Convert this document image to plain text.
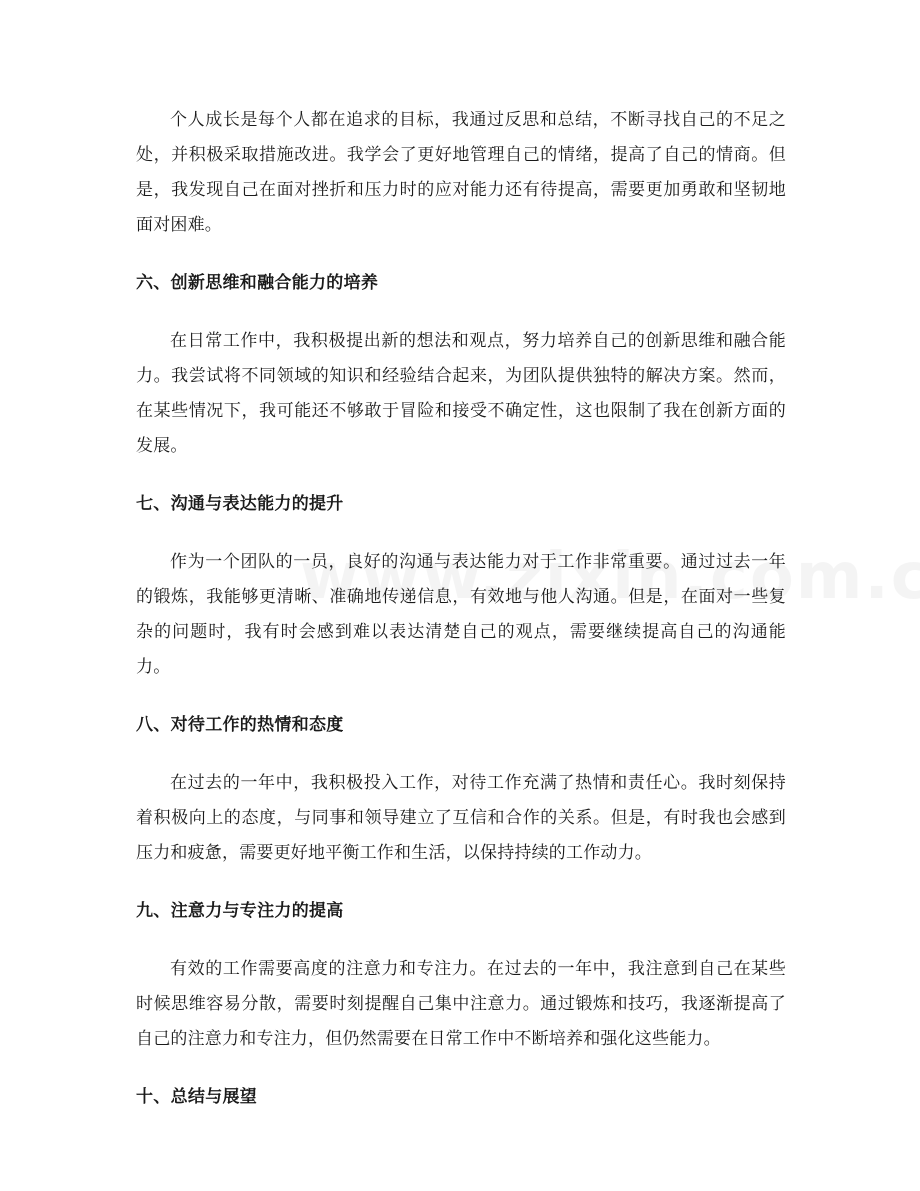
个人成长是每个人都在追求的目标，我通过反思和总结，不断寻找自己的不足之处，并积极采取措施改进。我学会了更好地管理自己的情绪，提高了自己的情商。但是，我发现自己在面对挫折和压力时的应对能力还有待提高，需要更加勇敢和坚韧地面对困难。

六、创新思维和融合能力的培养

在日常工作中，我积极提出新的想法和观点，努力培养自己的创新思维和融合能力。我尝试将不同领域的知识和经验结合起来，为团队提供独特的解决方案。然而，在某些情况下，我可能还不够敢于冒险和接受不确定性，这也限制了我在创新方面的发展。

七、沟通与表达能力的提升

作为一个团队的一员，良好的沟通与表达能力对于工作非常重要。通过过去一年的锻炼，我能够更清晰、准确地传递信息，有效地与他人沟通。但是，在面对一些复杂的问题时，我有时会感到难以表达清楚自己的观点，需要继续提高自己的沟通能力。

八、对待工作的热情和态度

在过去的一年中，我积极投入工作，对待工作充满了热情和责任心。我时刻保持着积极向上的态度，与同事和领导建立了互信和合作的关系。但是，有时我也会感到压力和疲惫，需要更好地平衡工作和生活，以保持持续的工作动力。

九、注意力与专注力的提高

有效的工作需要高度的注意力和专注力。在过去的一年中，我注意到自己在某些时候思维容易分散，需要时刻提醒自己集中注意力。通过锻炼和技巧，我逐渐提高了自己的注意力和专注力，但仍然需要在日常工作中不断培养和强化这些能力。

十、总结与展望
